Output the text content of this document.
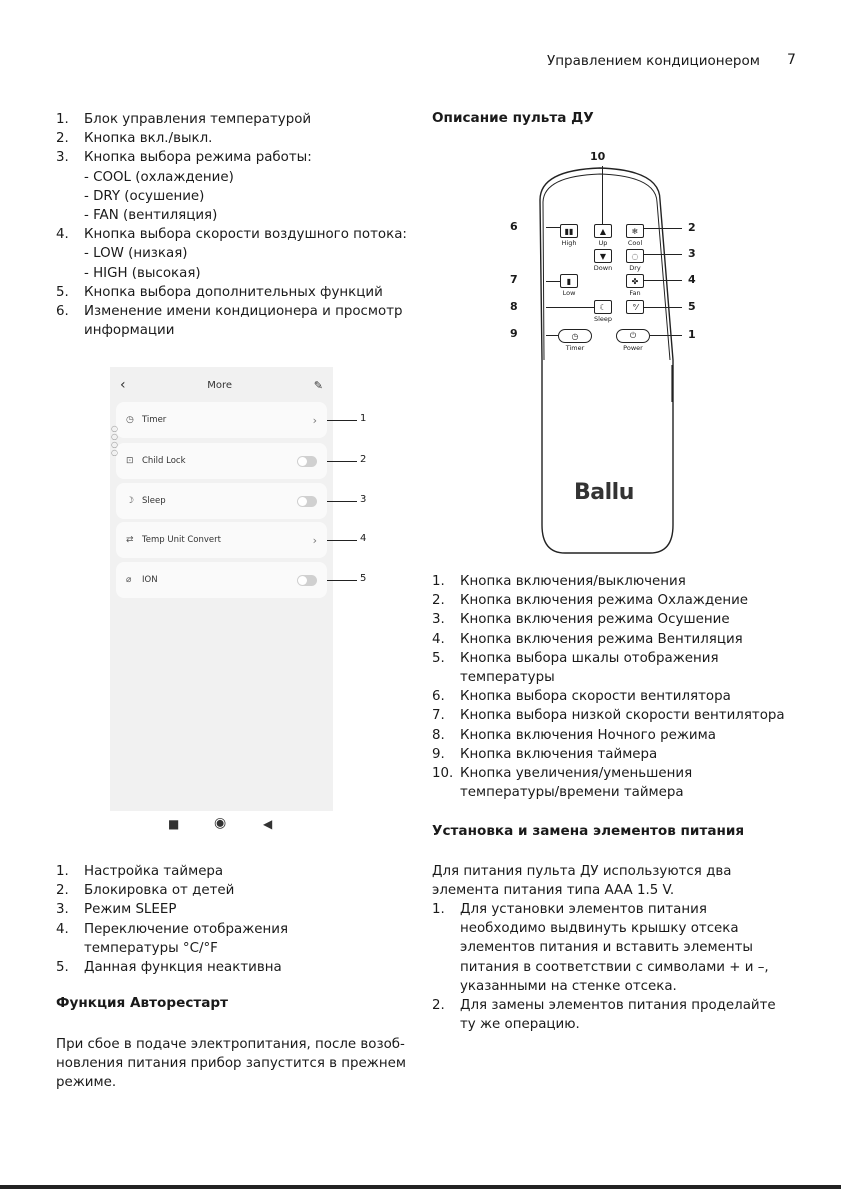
Управлением кондиционером 7
1. Блок управления температурой
2. Кнопка вкл./выкл.
3. Кнопка выбора режима работы:
- COOL (охлаждение)
- DRY (осушение)
- FAN (вентиляция)
4. Кнопка выбора скорости воздушного потока:
- LOW (низкая)
- HIGH (высокая)
5. Кнопка выбора дополнительных функций
6. Изменение имени кондиционера и просмотр
информации
‹	More	✎
◷ Timer	›
⊡ Child Lock
☽ Sleep
⇄ Temp Unit Convert	›
⌀	ION
○
○
○
○
1
2
3
4
5
■ ◉	◀
1. Настройка таймера
2. Блокировка от детей
3. Режим SLEEP
4. Переключение отображения
температуры °C/°F
5. Данная функция неактивна
Функция Авторестарт
При сбое в подаче электропитания, после возоб-
новления питания прибор запустится в прежнем
режиме.
Описание пульта ДУ
▮▮
High
▲
Up
❄
Cool
▼
Down
◌
Dry
▮
Low
✤
Fan
☾
Sleep
°⁄
◷
Timer
⏻
Power
Ballu
10
6
7
8
9
2
3
4
5
1
1. Кнопка включения/выключения
2. Кнопка включения режима Охлаждение
3. Кнопка включения режима Осушение
4. Кнопка включения режима Вентиляция
5. Кнопка выбора шкалы отображения
температуры
6. Кнопка выбора скорости вентилятора
7. Кнопка выбора низкой скорости вентилятора
8. Кнопка включения Ночного режима
9. Кнопка включения таймера
10. Кнопка увеличения/уменьшения
температуры/времени таймера
Установка и замена элементов питания
Для питания пульта ДУ используются два
элемента питания типа AAA 1.5 V.
1. Для установки элементов питания
необходимо выдвинуть крышку отсека
элементов питания и вставить элементы
питания в соответствии с символами + и –,
указанными на стенке отсека.
2. Для замены элементов питания проделайте
ту же операцию.
